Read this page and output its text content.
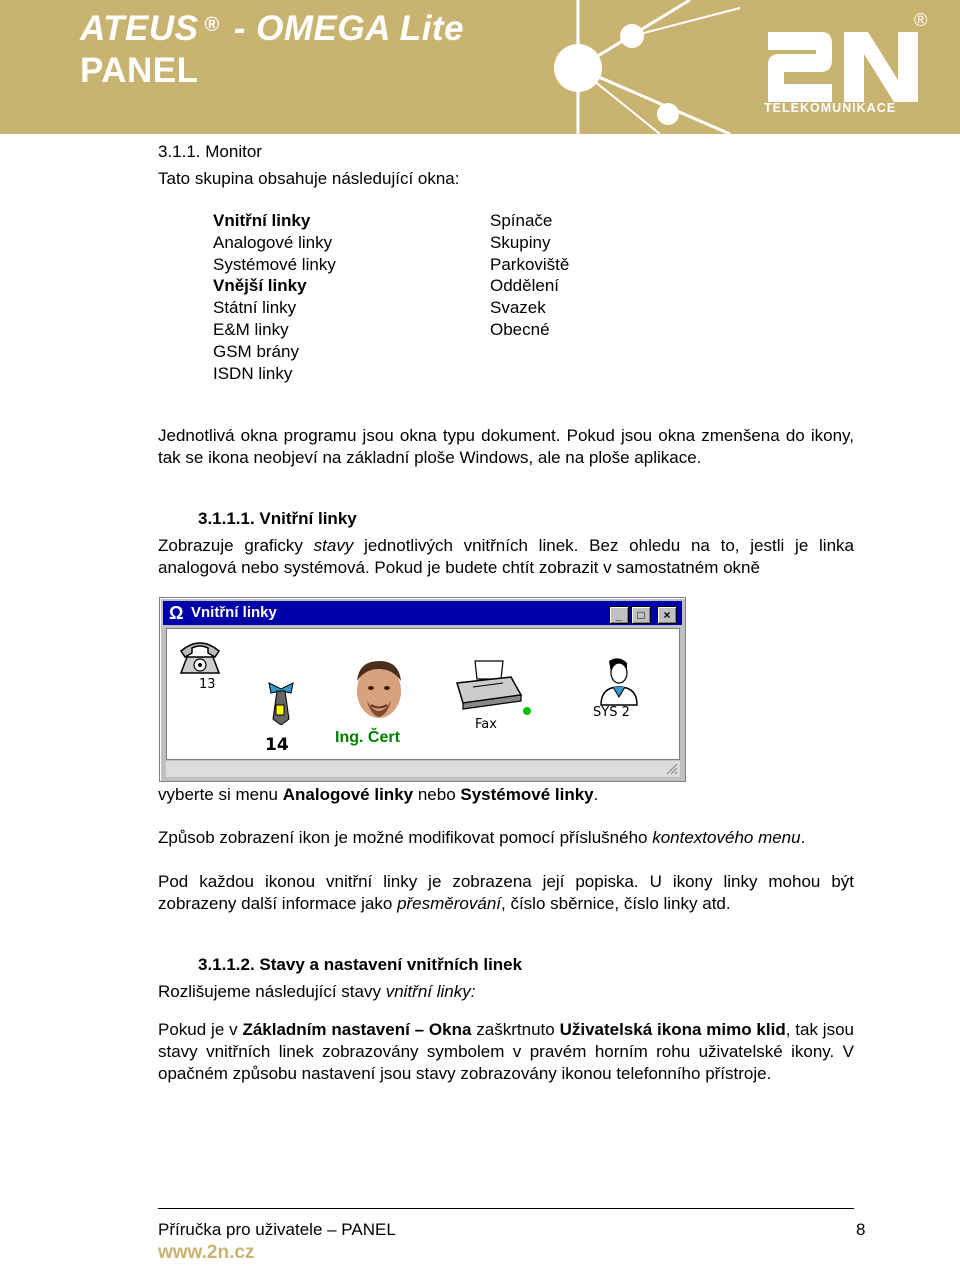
ATEUS ® - OMEGA Lite
PANEL
®
TELEKOMUNIKACE
3.1.1. Monitor
Tato skupina obsahuje následující okna:
Vnitřní linky
Analogové linky
Systémové linky
Vnější linky
Státní linky
E&M linky
GSM brány
ISDN linky
Spínače
Skupiny
Parkoviště
Oddělení
Svazek
Obecné
Jednotlivá okna programu jsou okna typu dokument. Pokud jsou okna zmenšena do ikony, tak se ikona neobjeví na základní ploše Windows, ale na ploše aplikace.
3.1.1.1. Vnitřní linky
Zobrazuje graficky stavy jednotlivých vnitřních linek. Bez ohledu na to, jestli je linka analogová nebo systémová. Pokud je budete chtít zobrazit v samostatném okně
Ω Vnitřní linky	_	□	×
13
14	Ing. Čert
Fax
SYS 2
vyberte si menu Analogové linky nebo Systémové linky.
Způsob zobrazení ikon je možné modifikovat pomocí příslušného kontextového menu.
Pod každou ikonou vnitřní linky je zobrazena její popiska. U ikony linky mohou být zobrazeny další informace jako přesměrování, číslo sběrnice, číslo linky atd.
3.1.1.2. Stavy a nastavení vnitřních linek
Rozlišujeme následující stavy vnitřní linky:
Pokud je v Základním nastavení – Okna zaškrtnuto Uživatelská ikona mimo klid, tak jsou stavy vnitřních linek zobrazovány symbolem v pravém horním rohu uživatelské ikony. V opačném způsobu nastavení jsou stavy zobrazovány ikonou telefonního přístroje.
Příručka pro uživatele – PANEL	8
www.2n.cz
